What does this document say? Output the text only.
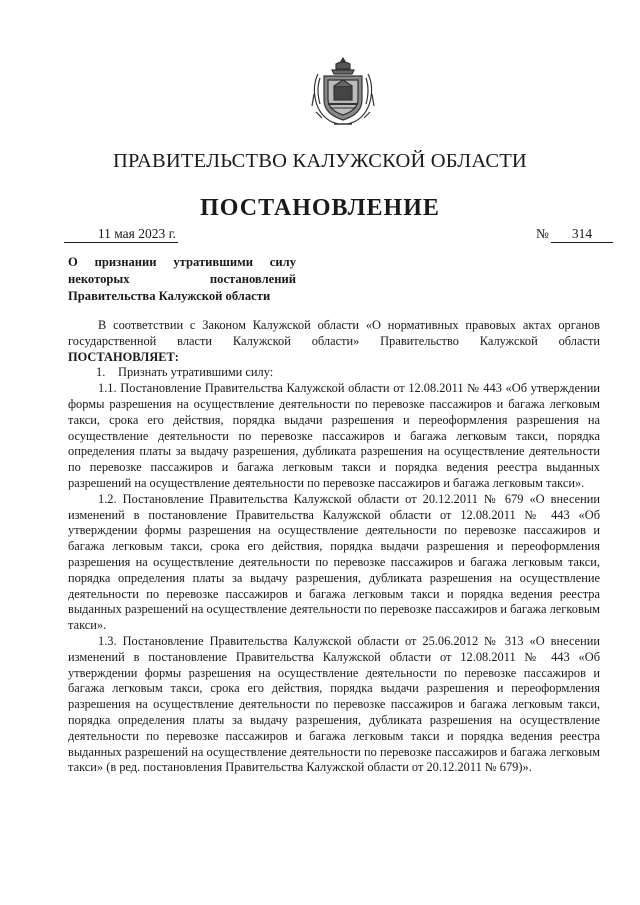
ПРАВИТЕЛЬСТВО КАЛУЖСКОЙ ОБЛАСТИ
ПОСТАНОВЛЕНИЕ
11 мая 2023 г.	№	314
О признании утратившими силу
некоторых постановлений
Правительства Калужской области

В соответствии с Законом Калужской области «О нормативных правовых актах органов государственной власти Калужской области» Правительство Калужской области ПОСТАНОВЛЯЕТ:

1. Признать утратившими силу:

1.1. Постановление Правительства Калужской области от 12.08.2011 № 443 «Об утверждении формы разрешения на осуществление деятельности по перевозке пассажиров и багажа легковым такси, срока его действия, порядка выдачи разрешения и переоформления разрешения на осуществление деятельности по перевозке пассажиров и багажа легковым такси, порядка определения платы за выдачу разрешения, дубликата разрешения на осуществление деятельности по перевозке пассажиров и багажа легковым такси и порядка ведения реестра выданных разрешений на осуществление деятельности по перевозке пассажиров и багажа легковым такси».

1.2. Постановление Правительства Калужской области от 20.12.2011 № 679 «О внесении изменений в постановление Правительства Калужской области от 12.08.2011 № 443 «Об утверждении формы разрешения на осуществление деятельности по перевозке пассажиров и багажа легковым такси, срока его действия, порядка выдачи разрешения и переоформления разрешения на осуществление деятельности по перевозке пассажиров и багажа легковым такси, порядка определения платы за выдачу разрешения, дубликата разрешения на осуществление деятельности по перевозке пассажиров и багажа легковым такси и порядка ведения реестра выданных разрешений на осуществление деятельности по перевозке пассажиров и багажа легковым такси».

1.3. Постановление Правительства Калужской области от 25.06.2012 № 313 «О внесении изменений в постановление Правительства Калужской области от 12.08.2011 № 443 «Об утверждении формы разрешения на осуществление деятельности по перевозке пассажиров и багажа легковым такси, срока его действия, порядка выдачи разрешения и переоформления разрешения на осуществление деятельности по перевозке пассажиров и багажа легковым такси, порядка определения платы за выдачу разрешения, дубликата разрешения на осуществление деятельности по перевозке пассажиров и багажа легковым такси и порядка ведения реестра выданных разрешений на осуществление деятельности по перевозке пассажиров и багажа легковым такси» (в ред. постановления Правительства Калужской области от 20.12.2011 № 679)».
